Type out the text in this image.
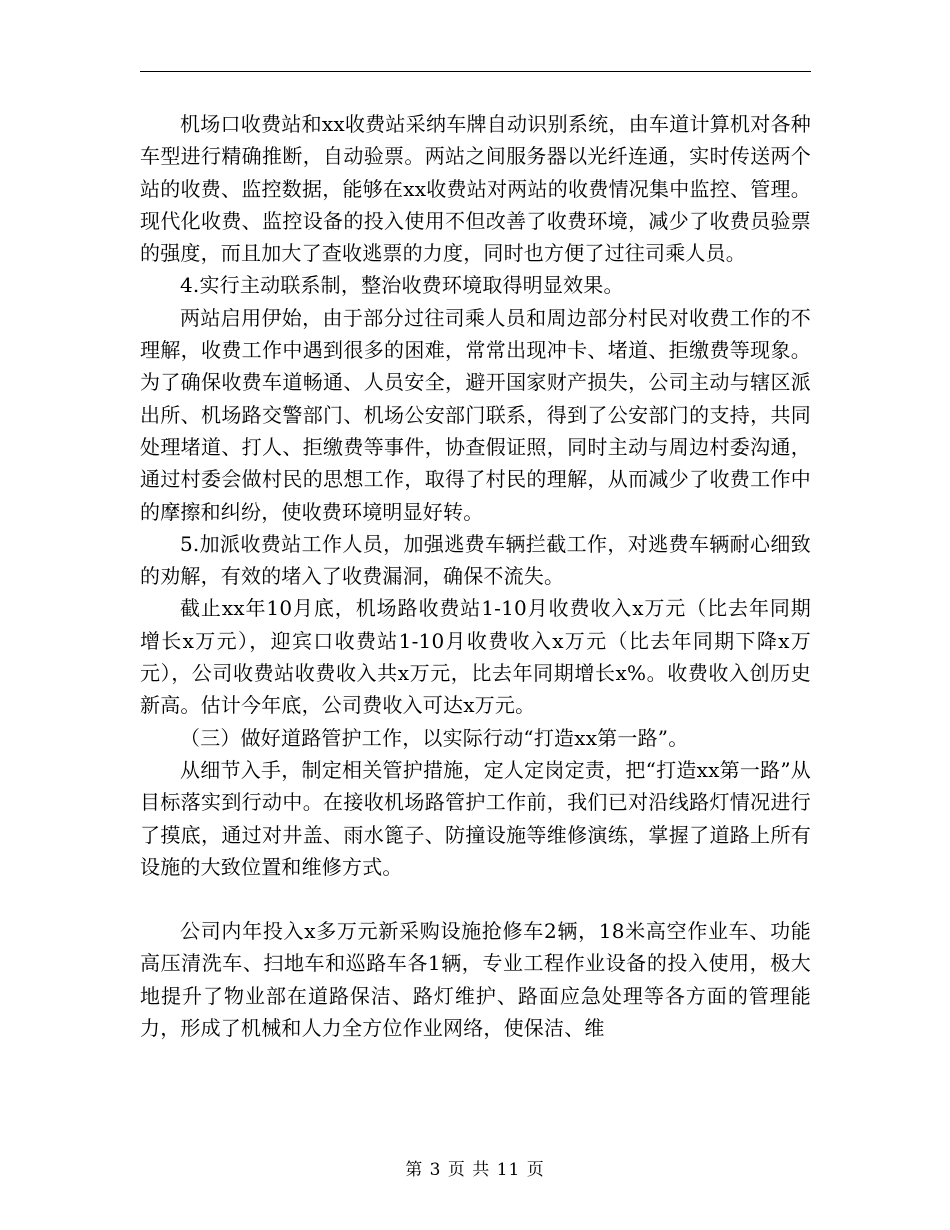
机场口收费站和xx收费站采纳车牌自动识别系统，由车道计算机对各种车型进行精确推断，自动验票。两站之间服务器以光纤连通，实时传送两个站的收费、监控数据，能够在xx收费站对两站的收费情况集中监控、管理。现代化收费、监控设备的投入使用不但改善了收费环境，减少了收费员验票的强度，而且加大了查收逃票的力度，同时也方便了过往司乘人员。

4.实行主动联系制，整治收费环境取得明显效果。

两站启用伊始，由于部分过往司乘人员和周边部分村民对收费工作的不理解，收费工作中遇到很多的困难，常常出现冲卡、堵道、拒缴费等现象。为了确保收费车道畅通、人员安全，避开国家财产损失，公司主动与辖区派出所、机场路交警部门、机场公安部门联系，得到了公安部门的支持，共同处理堵道、打人、拒缴费等事件，协查假证照，同时主动与周边村委沟通，通过村委会做村民的思想工作，取得了村民的理解，从而减少了收费工作中的摩擦和纠纷，使收费环境明显好转。

5.加派收费站工作人员，加强逃费车辆拦截工作，对逃费车辆耐心细致的劝解，有效的堵入了收费漏洞，确保不流失。

截止xx年10月底，机场路收费站1-10月收费收入x万元（比去年同期增长x万元），迎宾口收费站1-10月收费收入x万元（比去年同期下降x万元），公司收费站收费收入共x万元，比去年同期增长x%。收费收入创历史新高。估计今年底，公司费收入可达x万元。

（三）做好道路管护工作，以实际行动“打造xx第一路”。

从细节入手，制定相关管护措施，定人定岗定责，把“打造xx第一路”从目标落实到行动中。在接收机场路管护工作前，我们已对沿线路灯情况进行了摸底，通过对井盖、雨水篦子、防撞设施等维修演练，掌握了道路上所有设施的大致位置和维修方式。

公司内年投入x多万元新采购设施抢修车2辆，18米高空作业车、功能高压清洗车、扫地车和巡路车各1辆，专业工程作业设备的投入使用，极大地提升了物业部在道路保洁、路灯维护、路面应急处理等各方面的管理能力，形成了机械和人力全方位作业网络，使保洁、维

第 3 页 共 11 页
